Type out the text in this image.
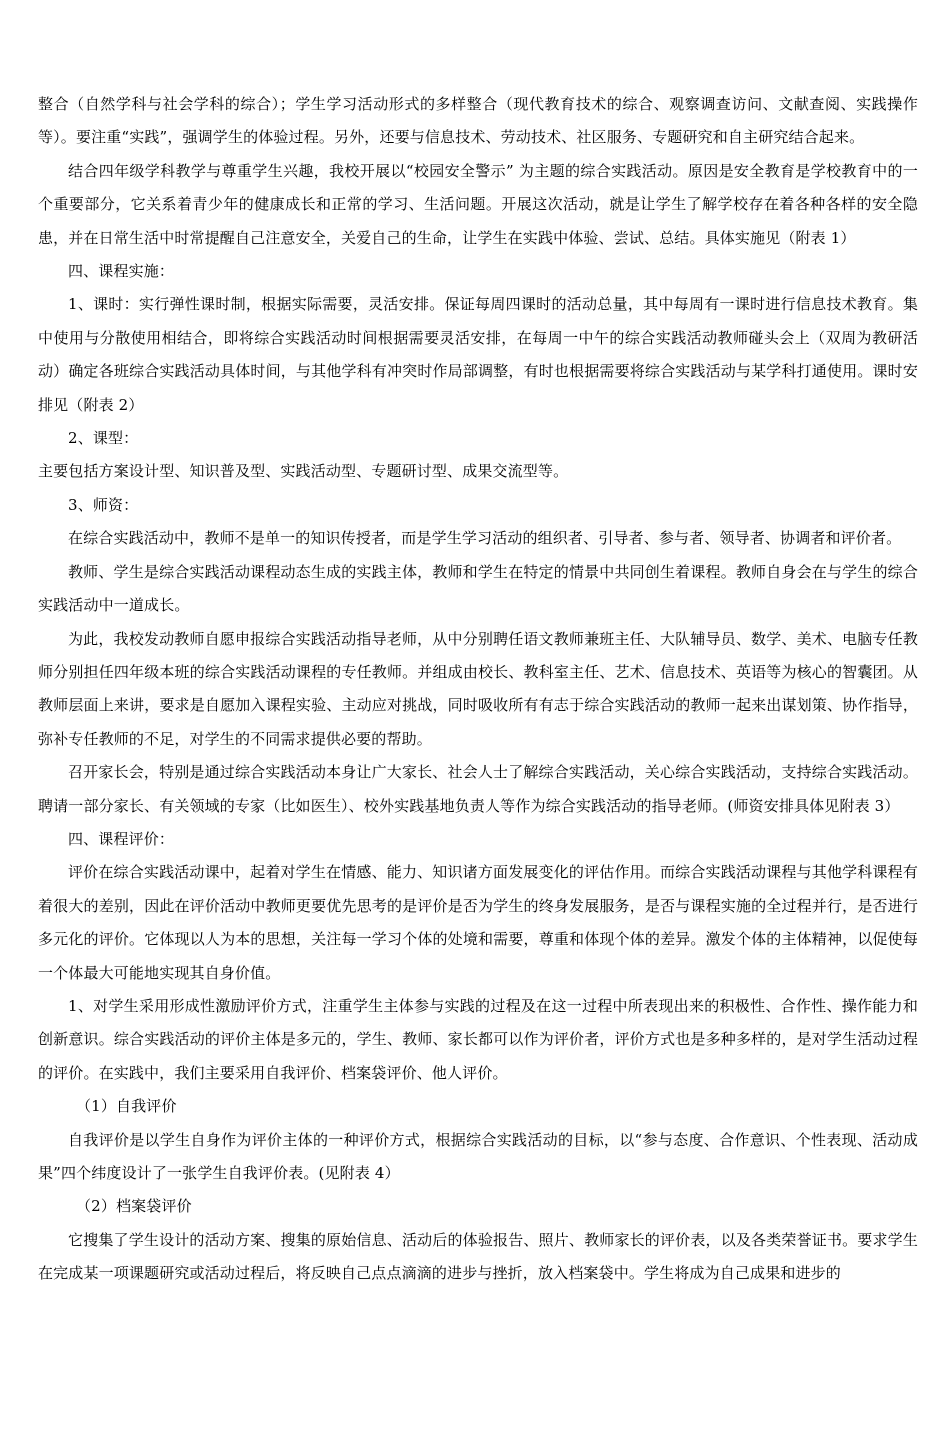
整合（自然学科与社会学科的综合）；学生学习活动形式的多样整合（现代教育技术的综合、观察调查访问、文献查阅、实践操作等）。要注重“实践”，强调学生的体验过程。另外，还要与信息技术、劳动技术、社区服务、专题研究和自主研究结合起来。

结合四年级学科教学与尊重学生兴趣，我校开展以“校园安全警示” 为主题的综合实践活动。原因是安全教育是学校教育中的一个重要部分，它关系着青少年的健康成长和正常的学习、生活问题。开展这次活动，就是让学生了解学校存在着各种各样的安全隐患，并在日常生活中时常提醒自己注意安全，关爱自己的生命，让学生在实践中体验、尝试、总结。具体实施见（附表 1）

四、课程实施：

1、课时：实行弹性课时制，根据实际需要，灵活安排。保证每周四课时的活动总量，其中每周有一课时进行信息技术教育。集中使用与分散使用相结合，即将综合实践活动时间根据需要灵活安排，在每周一中午的综合实践活动教师碰头会上（双周为教研活动）确定各班综合实践活动具体时间，与其他学科有冲突时作局部调整，有时也根据需要将综合实践活动与某学科打通使用。课时安排见（附表 2）

2、课型：

主要包括方案设计型、知识普及型、实践活动型、专题研讨型、成果交流型等。

3、师资：

在综合实践活动中，教师不是单一的知识传授者，而是学生学习活动的组织者、引导者、参与者、领导者、协调者和评价者。

教师、学生是综合实践活动课程动态生成的实践主体，教师和学生在特定的情景中共同创生着课程。教师自身会在与学生的综合实践活动中一道成长。

为此，我校发动教师自愿申报综合实践活动指导老师，从中分别聘任语文教师兼班主任、大队辅导员、数学、美术、电脑专任教师分别担任四年级本班的综合实践活动课程的专任教师。并组成由校长、教科室主任、艺术、信息技术、英语等为核心的智囊团。从教师层面上来讲，要求是自愿加入课程实验、主动应对挑战，同时吸收所有有志于综合实践活动的教师一起来出谋划策、协作指导，弥补专任教师的不足，对学生的不同需求提供必要的帮助。

召开家长会，特别是通过综合实践活动本身让广大家长、社会人士了解综合实践活动，关心综合实践活动，支持综合实践活动。聘请一部分家长、有关领域的专家（比如医生）、校外实践基地负责人等作为综合实践活动的指导老师。(师资安排具体见附表 3）

四、课程评价：

评价在综合实践活动课中，起着对学生在情感、能力、知识诸方面发展变化的评估作用。而综合实践活动课程与其他学科课程有着很大的差别，因此在评价活动中教师更要优先思考的是评价是否为学生的终身发展服务，是否与课程实施的全过程并行，是否进行多元化的评价。它体现以人为本的思想，关注每一学习个体的处境和需要，尊重和体现个体的差异。激发个体的主体精神，以促使每一个体最大可能地实现其自身价值。

1、对学生采用形成性激励评价方式，注重学生主体参与实践的过程及在这一过程中所表现出来的积极性、合作性、操作能力和创新意识。综合实践活动的评价主体是多元的，学生、教师、家长都可以作为评价者，评价方式也是多种多样的，是对学生活动过程的评价。在实践中，我们主要采用自我评价、档案袋评价、他人评价。

（1）自我评价

自我评价是以学生自身作为评价主体的一种评价方式，根据综合实践活动的目标，以“参与态度、合作意识、个性表现、活动成果”四个纬度设计了一张学生自我评价表。(见附表 4）

（2）档案袋评价

它搜集了学生设计的活动方案、搜集的原始信息、活动后的体验报告、照片、教师家长的评价表，以及各类荣誉证书。要求学生在完成某一项课题研究或活动过程后，将反映自己点点滴滴的进步与挫折，放入档案袋中。学生将成为自己成果和进步的
